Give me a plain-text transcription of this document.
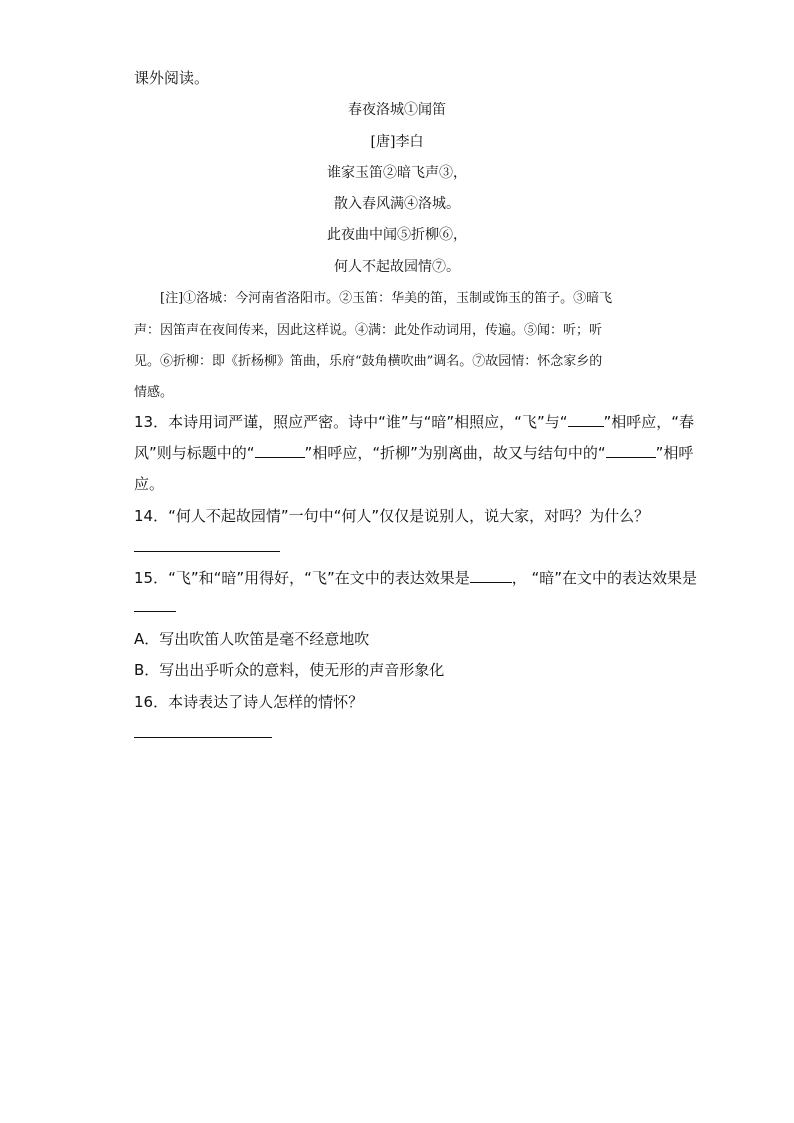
课外阅读。
春夜洛城①闻笛
[唐]李白
谁家玉笛②暗飞声③，
散入春风满④洛城。
此夜曲中闻⑤折柳⑥，
何人不起故园情⑦。
[注]①洛城：今河南省洛阳市。②玉笛：华美的笛，玉制或饰玉的笛子。③暗飞
声：因笛声在夜间传来，因此这样说。④满：此处作动词用，传遍。⑤闻：听；听
见。⑥折柳：即《折杨柳》笛曲，乐府“鼓角横吹曲”调名。⑦故园情：怀念家乡的
情感。
13．本诗用词严谨，照应严密。诗中“谁”与“暗”相照应，“飞”与“ ”相呼应，“春
风”则与标题中的“	”相呼应，“折柳”为别离曲，故又与结句中的“	”相呼
应。
14．“何人不起故园情”一句中“何人”仅仅是说别人，说大家，对吗？为什么？
15．“飞”和“暗”用得好，“飞”在文中的表达效果是	， “暗”在文中的表达效果是
A．写出吹笛人吹笛是毫不经意地吹
B．写出出乎听众的意料，使无形的声音形象化
16．本诗表达了诗人怎样的情怀？
